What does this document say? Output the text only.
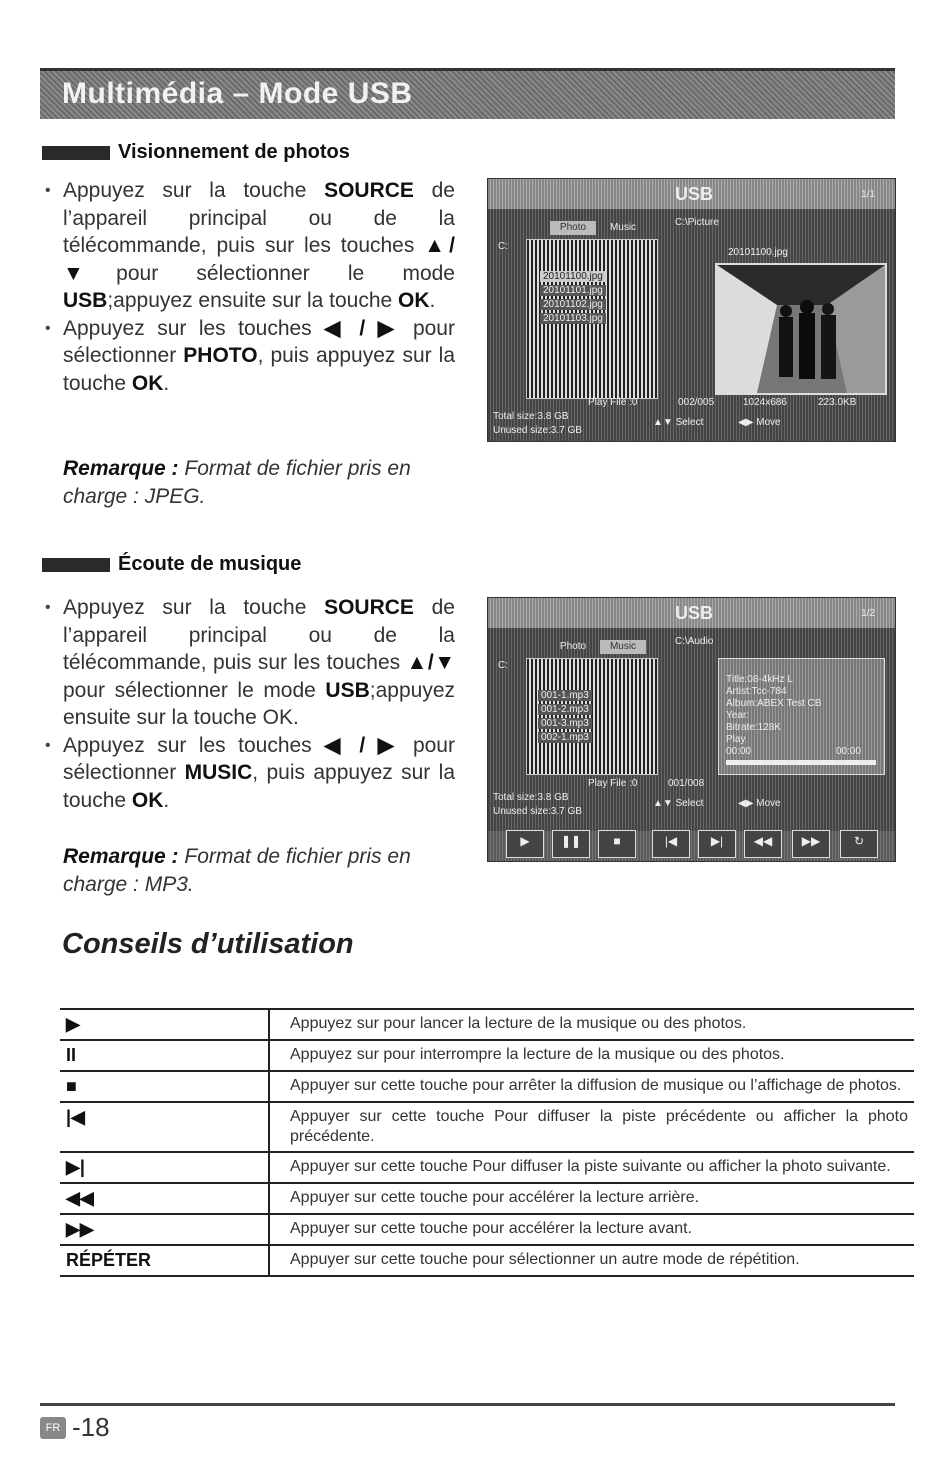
Multimédia – Mode USB
Visionnement de photos
• Appuyez sur la touche SOURCE de l’appareil principal ou de la télécommande, puis sur les touches ▲/▼pour sélectionner le mode USB;appuyez ensuite sur la touche OK.
• Appuyez sur les touches ◀ / ▶ pour sélectionner PHOTO, puis appuyez sur la touche OK.
Remarque : Format de fichier pris en charge : JPEG.
USB	1/1
Photo	Music	C:\Picture
C:
20101100.jpg
20101101.jpg
20101102.jpg
20101103.jpg
20101100.jpg
Play File :0	002/005	1024x686	223.0KB
Total size:3.8 GB
Unused size:3.7 GB
▲▼ Select	◀▶ Move
Écoute de musique
• Appuyez sur la touche SOURCE de l’appareil principal ou de la télécommande, puis sur les touches ▲/▼ pour sélectionner le mode USB;appuyez ensuite sur la touche OK.
• Appuyez sur les touches ◀ / ▶ pour sélectionner MUSIC, puis appuyez sur la touche OK.
Remarque : Format de fichier pris en charge : MP3.
USB	1/2
Photo	Music	C:\Audio
C:
001-1.mp3
001-2.mp3
001-3.mp3
002-1.mp3
Title:08-4kHz L
Artist:Tcc-784
Album:ABEX Test CB
Year:
Bitrate:128K
Play
00:00	00:00
Play File :0	001/008
Total size:3.8 GB
Unused size:3.7 GB
▲▼ Select	◀▶ Move
▶	❚❚	■	|◀	▶|	◀◀	▶▶	↻
Conseils d’utilisation
▶	Appuyez sur pour lancer la lecture de la musique ou des photos.
II	Appuyez sur pour interrompre la lecture de la musique ou des photos.
■	Appuyer sur cette touche pour arrêter la diffusion de musique ou l’affichage de photos.
|◀	Appuyer sur cette touche Pour diffuser la piste précédente ou afficher la photo précédente.
▶|	Appuyer sur cette touche Pour diffuser la piste suivante ou afficher la photo suivante.
◀◀	Appuyer sur cette touche pour accélérer la lecture arrière.
▶▶	Appuyer sur cette touche pour accélérer la lecture avant.
RÉPÉTER	Appuyer sur cette touche pour sélectionner un autre mode de répétition.
FR -18
